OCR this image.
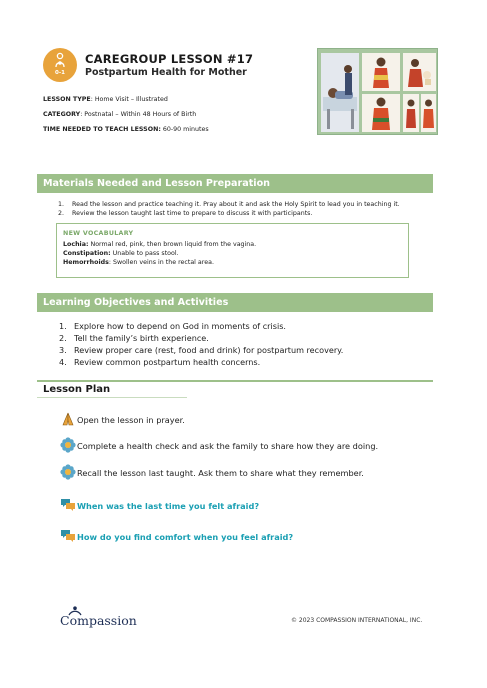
0-1
CAREGROUP LESSON #17
Postpartum Health for Mother
LESSON TYPE: Home Visit – Illustrated
CATEGORY: Postnatal – Within 48 Hours of Birth
TIME NEEDED TO TEACH LESSON: 60-90 minutes
Materials Needed and Lesson Preparation
1. Read the lesson and practice teaching it. Pray about it and ask the Holy Spirit to lead you in teaching it.
2. Review the lesson taught last time to prepare to discuss it with participants.
NEW VOCABULARY
Lochia: Normal red, pink, then brown liquid from the vagina.
Constipation: Unable to pass stool.
Hemorrhoids: Swollen veins in the rectal area.
Learning Objectives and Activities
1. Explore how to depend on God in moments of crisis.
2. Tell the family’s birth experience.
3. Review proper care (rest, food and drink) for postpartum recovery.
4. Review common postpartum health concerns.
Lesson Plan
Open the lesson in prayer.
Complete a health check and ask the family to share how they are doing.
Recall the lesson last taught. Ask them to share what they remember.
When was the last time you felt afraid?
How do you find comfort when you feel afraid?
Compassion	© 2023 COMPASSION INTERNATIONAL, INC.
